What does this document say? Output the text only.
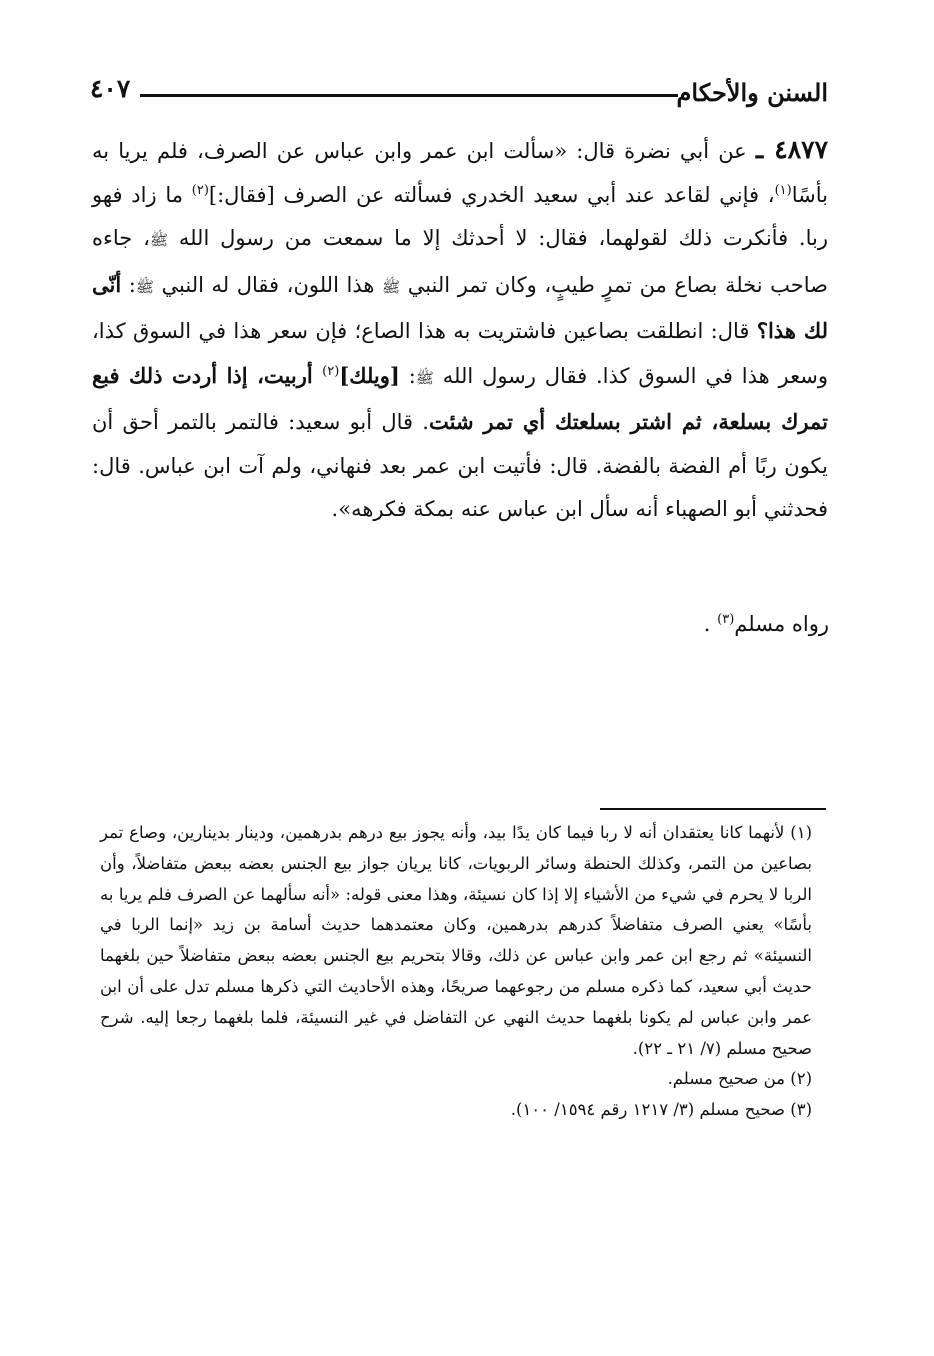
السنن والأحكام
٤٠٧

٤٨٧٧ ـ عن أبي نضرة قال: «سألت ابن عمر وابن عباس عن الصرف، فلم يريا به بأسًا$^{(١)}$، فإني لقاعد عند أبي سعيد الخدري فسألته عن الصرف [فقال:]$^{(٢)}$ ما زاد فهو ربا. فأنكرت ذلك لقولهما، فقال: لا أحدثك إلا ما سمعت من رسول الله ﷺ، جاءه صاحب نخلة بصاع من تمرٍ طيبٍ، وكان تمر النبي ﷺ هذا اللون، فقال له النبي ﷺ: أنّى لك هذا؟ قال: انطلقت بصاعين فاشتريت به هذا الصاع؛ فإن سعر هذا في السوق كذا، وسعر هذا في السوق كذا. فقال رسول الله ﷺ: [ويلك]$^{(٢)}$ أربيت، إذا أردت ذلك فبع تمرك بسلعة، ثم اشتر بسلعتك أي تمر شئت. قال أبو سعيد: فالتمر بالتمر أحق أن يكون ربًا أم الفضة بالفضة. قال: فأتيت ابن عمر بعد فنهاني، ولم آت ابن عباس. قال: فحدثني أبو الصهباء أنه سأل ابن عباس عنه بمكة فكرهه».

رواه مسلم$^{(٣)}$ .

(١) لأنهما كانا يعتقدان أنه لا ربا فيما كان يدًا بيد، وأنه يجوز بيع درهم بدرهمين، ودينار بدينارين، وصاع تمر بصاعين من التمر، وكذلك الحنطة وسائر الربويات، كانا يريان جواز بيع الجنس بعضه ببعض متفاضلاً، وأن الربا لا يحرم في شيء من الأشياء إلا إذا كان نسيئة، وهذا معنى قوله: «أنه سألهما عن الصرف فلم يريا به بأسًا» يعني الصرف متفاضلاً كدرهم بدرهمين، وكان معتمدهما حديث أسامة بن زيد «إنما الربا في النسيئة» ثم رجع ابن عمر وابن عباس عن ذلك، وقالا بتحريم بيع الجنس بعضه ببعض متفاضلاً حين بلغهما حديث أبي سعيد، كما ذكره مسلم من رجوعهما صريحًا، وهذه الأحاديث التي ذكرها مسلم تدل على أن ابن عمر وابن عباس لم يكونا بلغهما حديث النهي عن التفاضل في غير النسيئة، فلما بلغهما رجعا إليه. شرح صحيح مسلم (٧/ ٢١ ـ ٢٢).

(٢) من صحيح مسلم.

(٣) صحيح مسلم (٣/ ١٢١٧ رقم ١٥٩٤/ ١٠٠).
